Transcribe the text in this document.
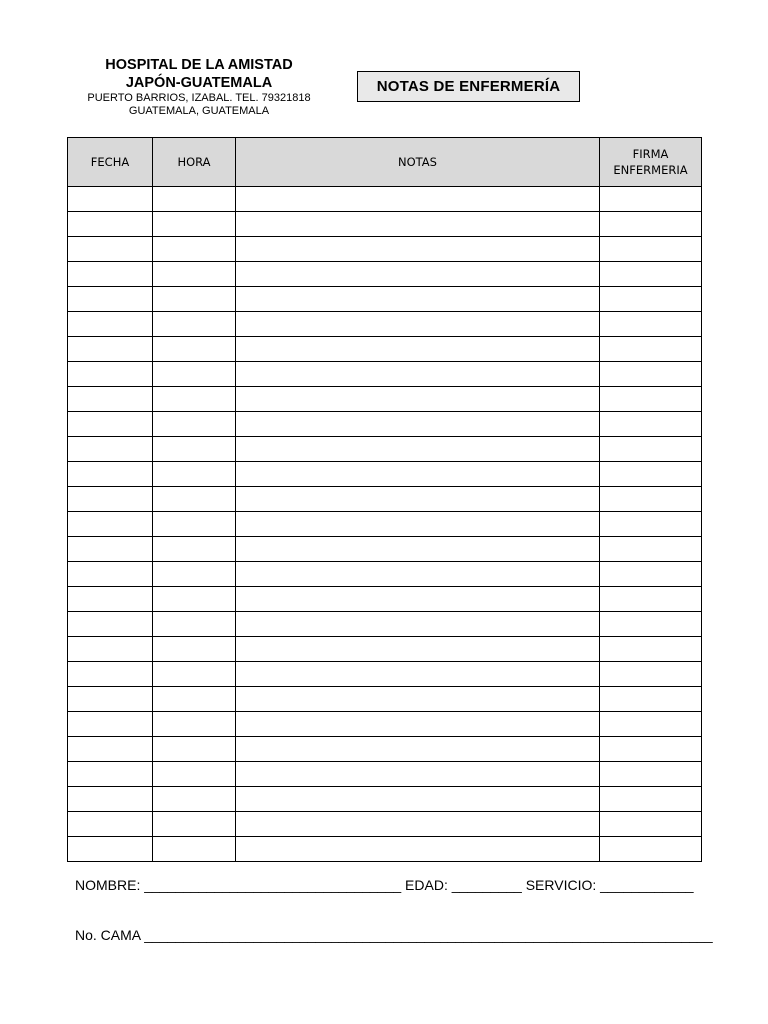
HOSPITAL DE LA AMISTAD
JAPÓN-GUATEMALA
PUERTO BARRIOS, IZABAL. TEL. 79321818
GUATEMALA, GUATEMALA
NOTAS DE ENFERMERÍA
FECHA	HORA	NOTAS	FIRMA
ENFERMERIA

NOMBRE: _________________________________ EDAD: _________ SERVICIO: ____________
No. CAMA _________________________________________________________________________
